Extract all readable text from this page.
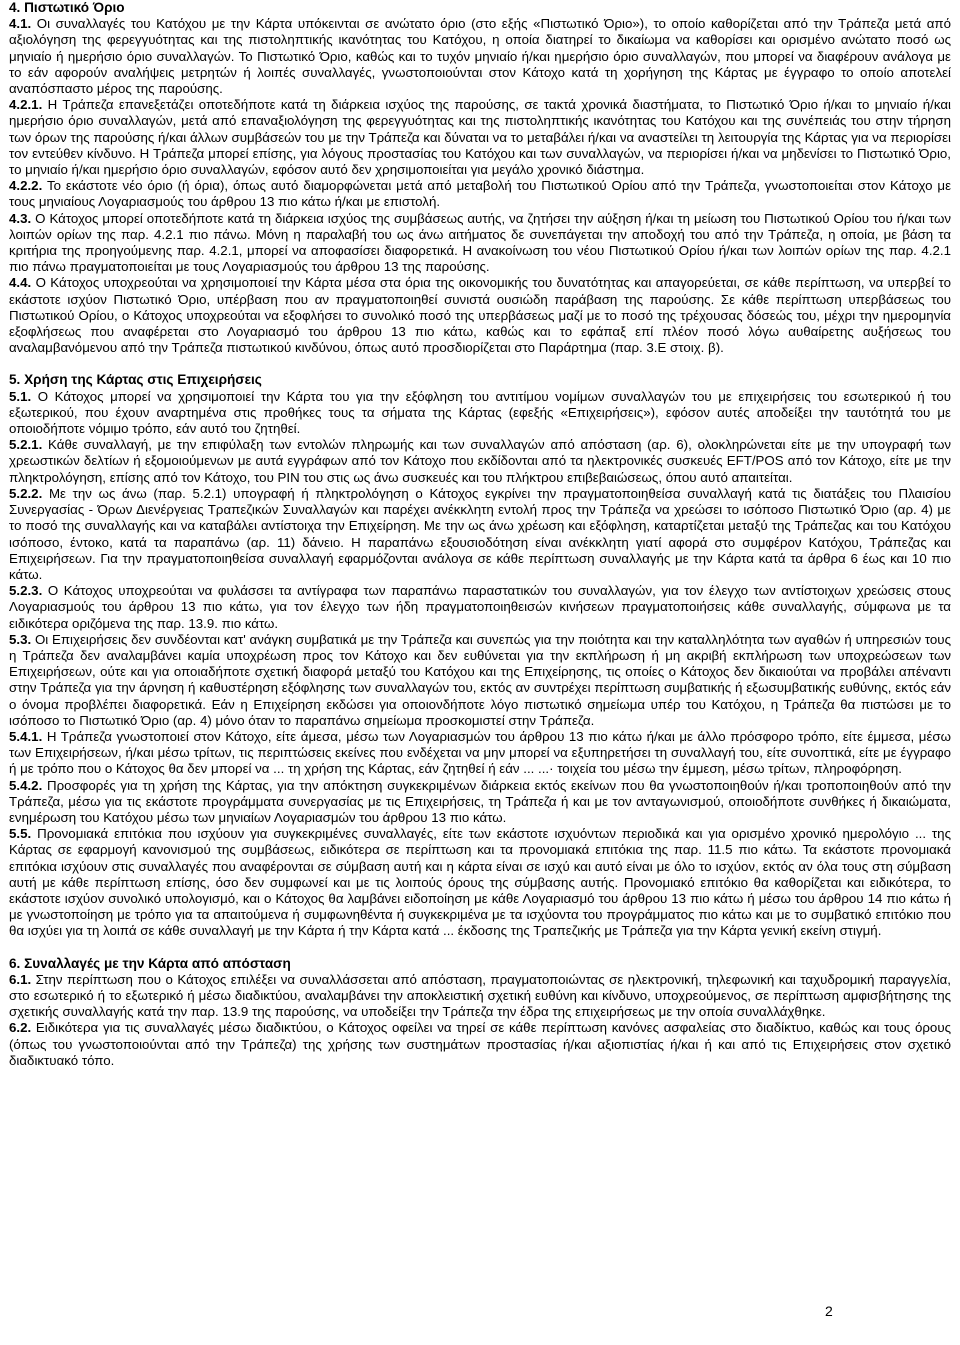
4. Πιστωτικό Όριο

4.1. Οι συναλλαγές του Κατόχου με την Κάρτα υπόκεινται σε ανώτατο όριο (στο εξής «Πιστωτικό Όριο»), το οποίο καθορίζεται από την Τράπεζα μετά από αξιολόγηση της φερεγγυότητας και της πιστοληπτικής ικανότητας του Κατόχου, η οποία διατηρεί το δικαίωμα να καθορίσει και ορισμένο ανώτατο ποσό ως μηνιαίο ή ημερήσιο όριο συναλλαγών. Το Πιστωτικό Όριο, καθώς και το τυχόν μηνιαίο ή/και ημερήσιο όριο συναλλαγών, που μπορεί να διαφέρουν ανάλογα με το εάν αφορούν αναλήψεις μετρητών ή λοιπές συναλλαγές, γνωστοποιούνται στον Κάτοχο κατά τη χορήγηση της Κάρτας με έγγραφο το οποίο αποτελεί αναπόσπαστο μέρος της παρούσης.

4.2.1. Η Τράπεζα επανεξετάζει οποτεδήποτε κατά τη διάρκεια ισχύος της παρούσης, σε τακτά χρονικά διαστήματα, το Πιστωτικό Όριο ή/και το μηνιαίο ή/και ημερήσιο όριο συναλλαγών, μετά από επαναξιολόγηση της φερεγγυότητας και της πιστοληπτικής ικανότητας του Κατόχου και της συνέπειάς του στην τήρηση των όρων της παρούσης ή/και άλλων συμβάσεών του με την Τράπεζα και δύναται να το μεταβάλει ή/και να αναστείλει τη λειτουργία της Κάρτας για να περιορίσει τον εντεύθεν κίνδυνο. Η Τράπεζα μπορεί επίσης, για λόγους προστασίας του Κατόχου και των συναλλαγών, να περιορίσει ή/και να μηδενίσει το Πιστωτικό Όριο, το μηνιαίο ή/και ημερήσιο όριο συναλλαγών, εφόσον αυτό δεν χρησιμοποιείται για μεγάλο χρονικό διάστημα.

4.2.2. Το εκάστοτε νέο όριο (ή όρια), όπως αυτό διαμορφώνεται μετά από μεταβολή του Πιστωτικού Ορίου από την Τράπεζα, γνωστοποιείται στον Κάτοχο με τους μηνιαίους Λογαριασμούς του άρθρου 13 πιο κάτω ή/και με επιστολή.

4.3. Ο Κάτοχος μπορεί οποτεδήποτε κατά τη διάρκεια ισχύος της συμβάσεως αυτής, να ζητήσει την αύξηση ή/και τη μείωση του Πιστωτικού Ορίου του ή/και των λοιπών ορίων της παρ. 4.2.1 πιο πάνω. Μόνη η παραλαβή του ως άνω αιτήματος δε συνεπάγεται την αποδοχή του από την Τράπεζα, η οποία, με βάση τα κριτήρια της προηγούμενης παρ. 4.2.1, μπορεί να αποφασίσει διαφορετικά. Η ανακοίνωση του νέου Πιστωτικού Ορίου ή/και των λοιπών ορίων της παρ. 4.2.1 πιο πάνω πραγματοποιείται με τους Λογαριασμούς του άρθρου 13 της παρούσης.

4.4. Ο Κάτοχος υποχρεούται να χρησιμοποιεί την Κάρτα μέσα στα όρια της οικονομικής του δυνατότητας και απαγορεύεται, σε κάθε περίπτωση, να υπερβεί το εκάστοτε ισχύον Πιστωτικό Όριο, υπέρβαση που αν πραγματοποιηθεί συνιστά ουσιώδη παράβαση της παρούσης. Σε κάθε περίπτωση υπερβάσεως του Πιστωτικού Ορίου, ο Κάτοχος υποχρεούται να εξοφλήσει το συνολικό ποσό της υπερβάσεως μαζί με το ποσό της τρέχουσας δόσεώς του, μέχρι την ημερομηνία εξοφλήσεως που αναφέρεται στο Λογαριασμό του άρθρου 13 πιο κάτω, καθώς και το εφάπαξ επί πλέον ποσό λόγω αυθαίρετης αυξήσεως του αναλαμβανόμενου από την Τράπεζα πιστωτικού κινδύνου, όπως αυτό προσδιορίζεται στο Παράρτημα (παρ. 3.Ε στοιχ. β).

5. Χρήση της Κάρτας στις Επιχειρήσεις

5.1. Ο Κάτοχος μπορεί να χρησιμοποιεί την Κάρτα του για την εξόφληση του αντιτίμου νομίμων συναλλαγών του με επιχειρήσεις του εσωτερικού ή του εξωτερικού, που έχουν αναρτημένα στις προθήκες τους τα σήματα της Κάρτας (εφεξής «Επιχειρήσεις»), εφόσον αυτές αποδείξει την ταυτότητά του με οποιοδήποτε νόμιμο τρόπο, εάν αυτό του ζητηθεί.

5.2.1. Κάθε συναλλαγή, με την επιφύλαξη των εντολών πληρωμής και των συναλλαγών από απόσταση (αρ. 6), ολοκληρώνεται είτε με την υπογραφή των χρεωστικών δελτίων ή εξομοιούμενων με αυτά εγγράφων από τον Κάτοχο που εκδίδονται από τα ηλεκτρονικές συσκευές EFT/POS από τον Κάτοχο, είτε με την πληκτρολόγηση, επίσης από τον Κάτοχο, του PIN του στις ως άνω συσκευές και του πλήκτρου επιβεβαιώσεως, όπου αυτό απαιτείται.

5.2.2. Με την ως άνω (παρ. 5.2.1) υπογραφή ή πληκτρολόγηση ο Κάτοχος εγκρίνει την πραγματοποιηθείσα συναλλαγή κατά τις διατάξεις του Πλαισίου Συνεργασίας - Όρων Διενέργειας Τραπεζικών Συναλλαγών και παρέχει ανέκκλητη εντολή προς την Τράπεζα να χρεώσει το ισόποσο Πιστωτικό Όριο (αρ. 4) με το ποσό της συναλλαγής και να καταβάλει αντίστοιχα την Επιχείρηση. Με την ως άνω χρέωση και εξόφληση, καταρτίζεται μεταξύ της Τράπεζας και του Κατόχου ισόποσο, έντοκο, κατά τα παραπάνω (αρ. 11) δάνειο. Η παραπάνω εξουσιοδότηση είναι ανέκκλητη γιατί αφορά στο συμφέρον Κατόχου, Τράπεζας και Επιχειρήσεων. Για την πραγματοποιηθείσα συναλλαγή εφαρμόζονται ανάλογα σε κάθε περίπτωση συναλλαγής με την Κάρτα κατά τα άρθρα 6 έως και 10 πιο κάτω.

5.2.3. Ο Κάτοχος υποχρεούται να φυλάσσει τα αντίγραφα των παραπάνω παραστατικών του συναλλαγών, για τον έλεγχο των αντίστοιχων χρεώσεις στους Λογαριασμούς του άρθρου 13 πιο κάτω, για τον έλεγχο των ήδη πραγματοποιηθεισών κινήσεων πραγματοποιήσεις κάθε συναλλαγής, σύμφωνα με τα ειδικότερα οριζόμενα της παρ. 13.9. πιο κάτω.

5.3. Οι Επιχειρήσεις δεν συνδέονται κατ' ανάγκη συμβατικά με την Τράπεζα και συνεπώς για την ποιότητα και την καταλληλότητα των αγαθών ή υπηρεσιών τους η Τράπεζα δεν αναλαμβάνει καμία υποχρέωση προς τον Κάτοχο και δεν ευθύνεται για την εκπλήρωση ή μη ακριβή εκπλήρωση των υποχρεώσεων των Επιχειρήσεων, ούτε και για οποιαδήποτε σχετική διαφορά μεταξύ του Κατόχου και της Επιχείρησης, τις οποίες ο Κάτοχος δεν δικαιούται να προβάλει απέναντι στην Τράπεζα για την άρνηση ή καθυστέρηση εξόφλησης των συναλλαγών του, εκτός αν συντρέχει περίπτωση συμβατικής ή εξωσυμβατικής ευθύνης, εκτός εάν ο όνομα προβλέπει διαφορετικά. Εάν η Επιχείρηση εκδώσει για οποιονδήποτε λόγο πιστωτικό σημείωμα υπέρ του Κατόχου, η Τράπεζα θα πιστώσει με το ισόποσο το Πιστωτικό Όριο (αρ. 4) μόνο όταν το παραπάνω σημείωμα προσκομιστεί στην Τράπεζα.

5.4.1. Η Τράπεζα γνωστοποιεί στον Κάτοχο, είτε άμεσα, μέσω των Λογαριασμών του άρθρου 13 πιο κάτω ή/και με άλλο πρόσφορο τρόπο, είτε έμμεσα, μέσω των Επιχειρήσεων, ή/και μέσω τρίτων, τις περιπτώσεις εκείνες που ενδέχεται να μην μπορεί να εξυπηρετήσει τη συναλλαγή του, είτε συνοπτικά, είτε με έγγραφο ή με τρόπο που ο Κάτοχος θα δεν μπορεί να ... τη χρήση της Κάρτας, εάν ζητηθεί ή εάν ... ...· τοιχεία του μέσω την έμμεση, μέσω τρίτων, πληροφόρηση.

5.4.2. Προσφορές για τη χρήση της Κάρτας, για την απόκτηση συγκεκριμένων διάρκεια εκτός εκείνων που θα γνωστοποιηθούν ή/και τροποποιηθούν από την Τράπεζα, μέσω για τις εκάστοτε προγράμματα συνεργασίας με τις Επιχειρήσεις, τη Τράπεζα ή και με τον ανταγωνισμού, οποιοδήποτε συνθήκες ή δικαιώματα, ενημέρωση του Κατόχου μέσω των μηνιαίων Λογαριασμών του άρθρου 13 πιο κάτω.

5.5. Προνομιακά επιτόκια που ισχύουν για συγκεκριμένες συναλλαγές, είτε των εκάστοτε ισχυόντων περιοδικά και για ορισμένο χρονικό ημερολόγιο ... της Κάρτας σε εφαρμογή κανονισμού της συμβάσεως, ειδικότερα σε περίπτωση και τα προνομιακά επιτόκια της παρ. 11.5 πιο κάτω. Τα εκάστοτε προνομιακά επιτόκια ισχύουν στις συναλλαγές που αναφέρονται σε σύμβαση αυτή και η κάρτα είναι σε ισχύ και αυτό είναι με όλο το ισχύον, εκτός αν όλα τους στη σύμβαση αυτή με κάθε περίπτωση επίσης, όσο δεν συμφωνεί και με τις λοιπούς όρους της σύμβασης αυτής. Προνομιακό επιτόκιο θα καθορίζεται και ειδικότερα, το εκάστοτε ισχύον συνολικό υπολογισμό, και ο Κάτοχος θα λαμβάνει ειδοποίηση με κάθε Λογαριασμό του άρθρου 13 πιο κάτω ή μέσω του άρθρου 14 πιο κάτω ή με γνωστοποίηση με τρόπο για τα απαιτούμενα ή συμφωνηθέντα ή συγκεκριμένα με τα ισχύοντα του προγράμματος πιο κάτω και με το συμβατικό επιτόκιο που θα ισχύει για τη λοιπά σε κάθε συναλλαγή με την Κάρτα ή την Κάρτα κατά ... έκδοσης της Τραπεζικής με Τράπεζα για την Κάρτα γενική εκείνη στιγμή.

6. Συναλλαγές με την Κάρτα από απόσταση

6.1. Στην περίπτωση που ο Κάτοχος επιλέξει να συναλλάσσεται από απόσταση, πραγματοποιώντας σε ηλεκτρονική, τηλεφωνική και ταχυδρομική παραγγελία, στο εσωτερικό ή το εξωτερικό ή μέσω διαδικτύου, αναλαμβάνει την αποκλειστική σχετική ευθύνη και κίνδυνο, υποχρεούμενος, σε περίπτωση αμφισβήτησης της σχετικής συναλλαγής κατά την παρ. 13.9 της παρούσης, να υποδείξει την Τράπεζα την έδρα της επιχειρήσεως με την οποία συναλλάχθηκε.

6.2. Ειδικότερα για τις συναλλαγές μέσω διαδικτύου, ο Κάτοχος οφείλει να τηρεί σε κάθε περίπτωση κανόνες ασφαλείας στο διαδίκτυο, καθώς και τους όρους (όπως του γνωστοποιούνται από την Τράπεζα) της χρήσης των συστημάτων προστασίας ή/και αξιοπιστίας ή/και ή και από τις Επιχειρήσεις στον σχετικό διαδικτυακό τόπο.

2
